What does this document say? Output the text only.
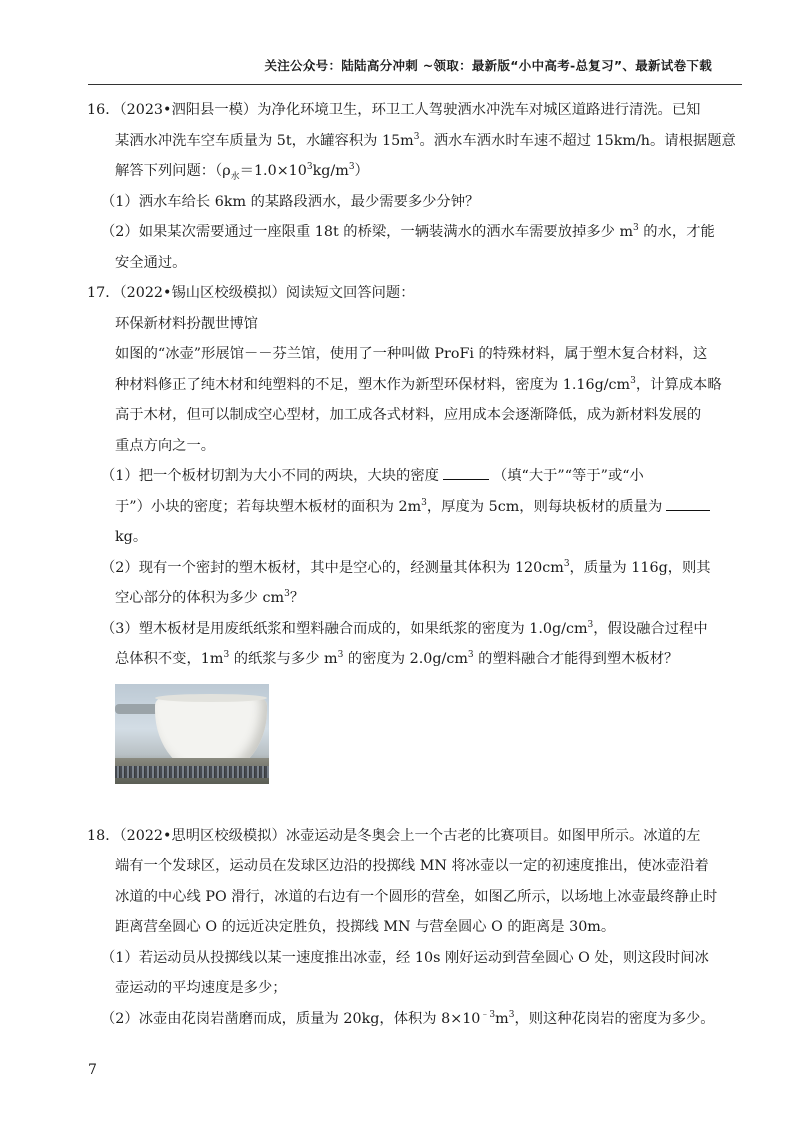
关注公众号：陆陆高分冲刺 ~领取：最新版“小中高考-总复习”、最新试卷下载

16．（2023•泗阳县一模）为净化环境卫生，环卫工人驾驶洒水冲洗车对城区道路进行清洗。已知

某洒水冲洗车空车质量为 5t，水罐容积为 $15m^3$。洒水车洒水时车速不超过 15km/h。请根据题意

解答下列问题：$(\rho_水=1.0\times 10^3kg/m^3)$

（1）洒水车给长 6km 的某路段洒水，最少需要多少分钟？

（2）如果某次需要通过一座限重 18t 的桥梁，一辆装满水的洒水车需要放掉多少 $m^3$ 的水，才能

安全通过。

17．（2022•锡山区校级模拟）阅读短文回答问题：

环保新材料扮靓世博馆

如图的“冰壶”形展馆－－芬兰馆，使用了一种叫做 ProFi 的特殊材料，属于塑木复合材料，这

种材料修正了纯木材和纯塑料的不足，塑木作为新型环保材料，密度为 $1.16g/cm^3$，计算成本略

高于木材，但可以制成空心型材，加工成各式材料，应用成本会逐渐降低，成为新材料发展的

重点方向之一。

（1）把一个板材切割为大小不同的两块，大块的密度	（填“大于”“等于”或“小

于”）小块的密度；若每块塑木板材的面积为 $2m^3$，厚度为 5cm，则每块板材的质量为

kg。

（2）现有一个密封的塑木板材，其中是空心的，经测量其体积为 $120cm^3$，质量为 116g，则其

空心部分的体积为多少 $cm^3$？

（3）塑木板材是用废纸纸浆和塑料融合而成的，如果纸浆的密度为 $1.0g/cm^3$，假设融合过程中

总体积不变，$1m^3$ 的纸浆与多少 $m^3$ 的密度为 $2.0g/cm^3$ 的塑料融合才能得到塑木板材？

18．（2022•思明区校级模拟）冰壶运动是冬奥会上一个古老的比赛项目。如图甲所示。冰道的左

端有一个发球区，运动员在发球区边沿的投掷线 MN 将冰壶以一定的初速度推出，使冰壶沿着

冰道的中心线 PO 滑行，冰道的右边有一个圆形的营垒，如图乙所示，以场地上冰壶最终静止时

距离营垒圆心 O 的远近决定胜负，投掷线 MN 与营垒圆心 O 的距离是 30m。

（1）若运动员从投掷线以某一速度推出冰壶，经 10s 刚好运动到营垒圆心 O 处，则这段时间冰

壶运动的平均速度是多少；

（2）冰壶由花岗岩凿磨而成，质量为 20kg，体积为 $8\times 10^{﹣3}m^3$，则这种花岗岩的密度为多少。

7
